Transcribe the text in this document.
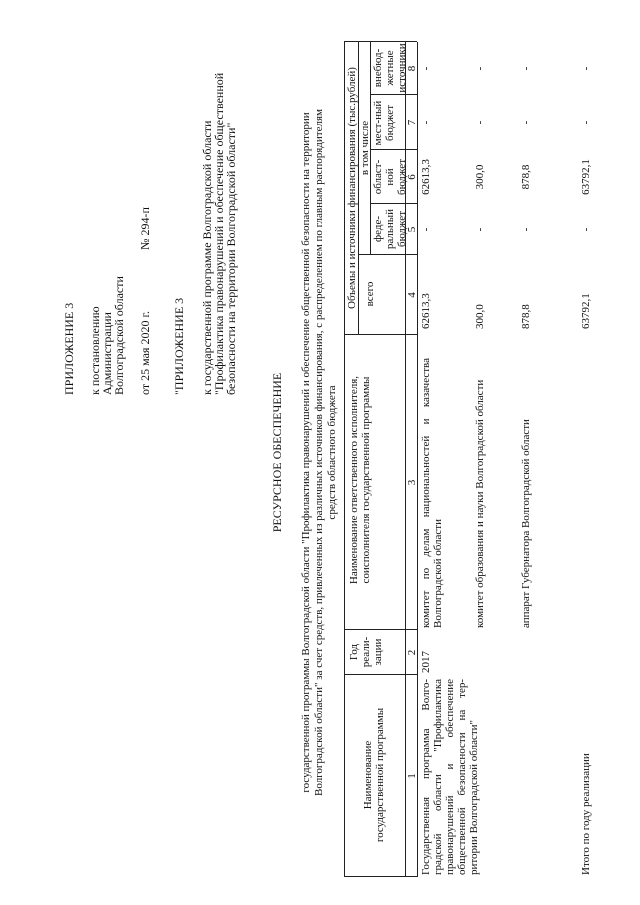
ПРИЛОЖЕНИЕ 3 к постановлению
Администрации
Волгоградской области от 25 мая 2020 г.
№ 294-п
"ПРИЛОЖЕНИЕ 3 к государственной программе Волгоградской области
"Профилактика правонарушений и обеспечение общественной
безопасности на территории Волгоградской области"
РЕСУРСНОЕ ОБЕСПЕЧЕНИЕ государственной программы Волгоградской области "Профилактика правонарушений и обеспечение общественной безопасности на территории Волгоградской области" за счет средств, привлеченных из различных источников финансирования, с распределением по главным распорядителям средств областного бюджета
Наименование государственной программы
Год реали-зации
Наименование ответственного исполнителя, соисполнителя государственной программы
Объемы и источники финансирования (тыс.рублей) всего
в том числе
феде-ральный бюджет
област-ной бюджет
мест-ный бюджет
внебюд-жетные источники
1
2
3
4
5
6
7
8
Государственная программа Волго-градской области "Профилактика правонарушений и обеспечение общественной безопасности на тер-ритории Волгоградской области"
2017
комитет по делам национальностей и казачества Волгоградской области
62613,3
-
62613,3
-
-
комитет образования и науки Волгоградской области
300,0
-
300,0
-
-
аппарат Губернатора Волгоградской области
878,8
-
878,8
-
-
Итого по году реализации
63792,1
-
63792,1
-
-
